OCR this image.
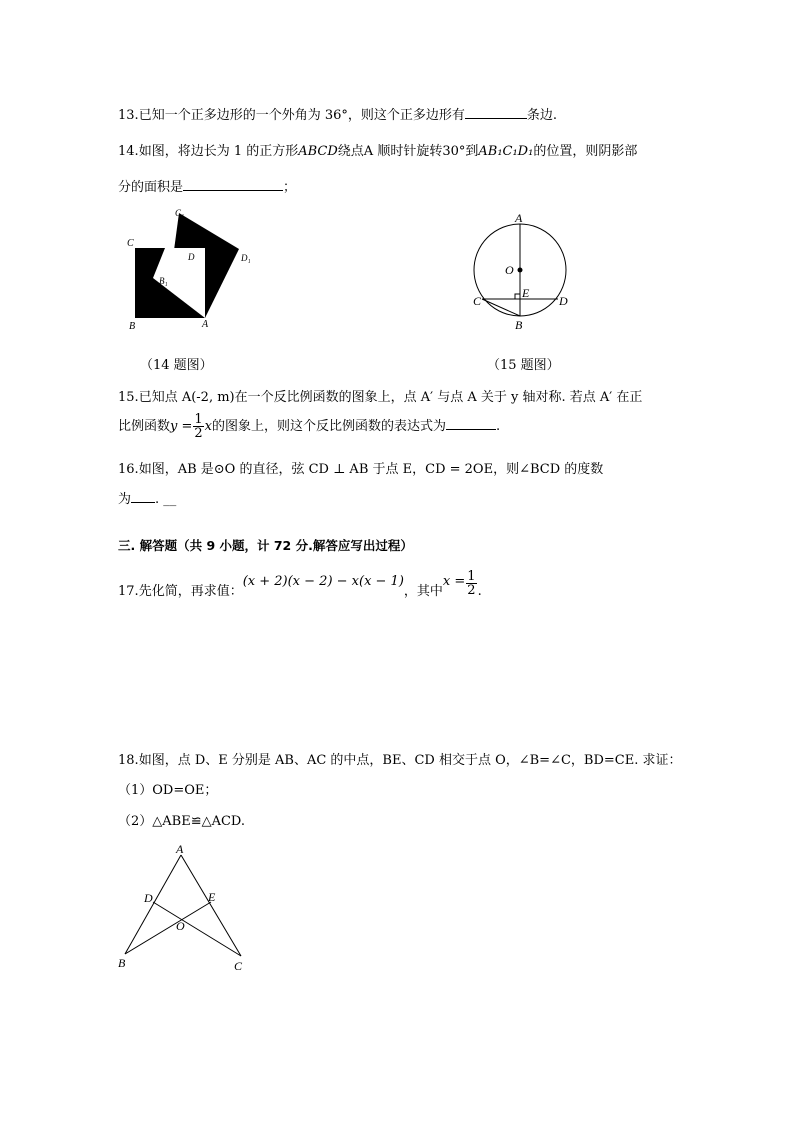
13.已知一个正多边形的一个外角为 36°，则这个正多边形有	条边.
14.如图，将边长为 1 的正方形ABCD绕点A 顺时针旋转30°到AB₁C₁D₁的位置，则阴影部
分的面积是	；
C
C₁
D	D₁
B₁
B	A
（14 题图）
A
O
E
C	D
B
（15 题图）
15.已知点 A(-2, m)在一个反比例函数的图象上，点 A′ 与点 A 关于 y 轴对称. 若点 A′ 在正
比例函数$y = \frac{1}{2}$ x的图象上，则这个反比例函数的表达式为	.
16.如图，AB 是⊙O 的直径，弦 CD ⊥ AB 于点 E，CD = 2OE，则∠BCD 的度数
为 . __
三. 解答题（共 9 小题，计 72 分.解答应写出过程）
17.先化简，再求值：(x + 2)(x − 2) − x(x − 1)，其中$x = \frac{1}{2}$ .
18.如图，点 D、E 分别是 AB、AC 的中点，BE、CD 相交于点 O，∠B=∠C，BD=CE. 求证：
（1）OD=OE；
（2）△ABE≌△ACD.
A
D	E
O
B	C
